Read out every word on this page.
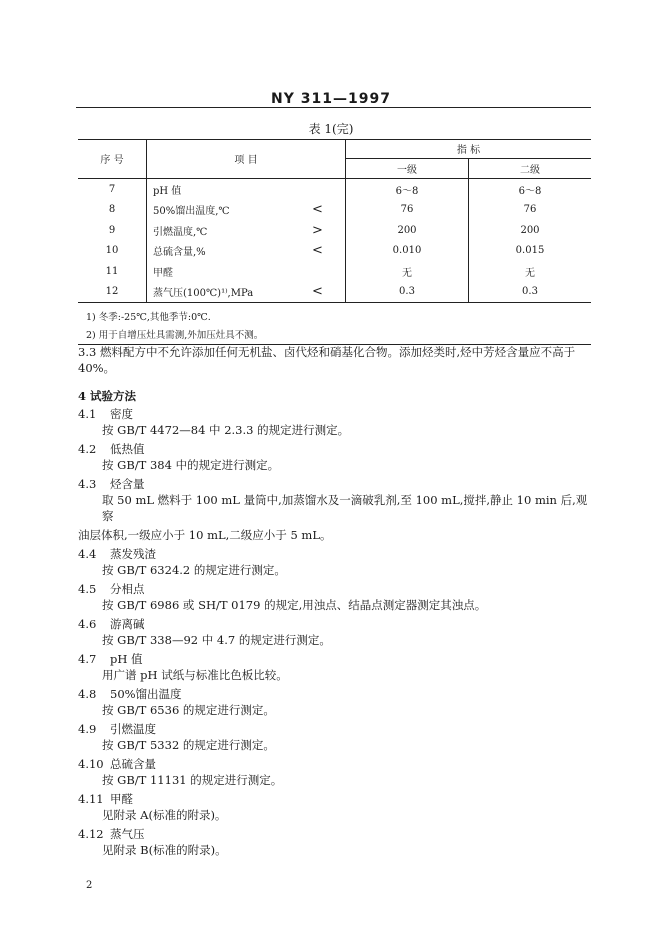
NY 311—1997
表 1(完)
序 号	项 目		指 标	
			一级	二级
7	pH 值		6～8	6～8
8	50%馏出温度,℃	<	76	76
9	引燃温度,℃	>	200	200
10	总硫含量,%	<	0.010	0.015
11	甲醛		无	无
12	蒸气压(100℃)¹⁾,MPa	<	0.3	0.3
1) 冬季:-25℃,其他季节:0℃.				
2) 用于自增压灶具需测,外加压灶具不测。				

3.3 燃料配方中不允许添加任何无机盐、卤代烃和硝基化合物。添加烃类时,烃中芳烃含量应不高于

40%。

4 试验方法

4.1 密度

按 GB/T 4472—84 中 2.3.3 的规定进行测定。

4.2 低热值

按 GB/T 384 中的规定进行测定。

4.3 烃含量

取 50 mL 燃料于 100 mL 量筒中,加蒸馏水及一滴破乳剂,至 100 mL,搅拌,静止 10 min 后,观察

油层体积,一级应小于 10 mL,二级应小于 5 mL。

4.4 蒸发残渣

按 GB/T 6324.2 的规定进行测定。

4.5 分相点

按 GB/T 6986 或 SH/T 0179 的规定,用浊点、结晶点测定器测定其浊点。

4.6 游离碱

按 GB/T 338—92 中 4.7 的规定进行测定。

4.7 pH 值

用广谱 pH 试纸与标准比色板比较。

4.8 50%馏出温度

按 GB/T 6536 的规定进行测定。

4.9 引燃温度

按 GB/T 5332 的规定进行测定。

4.10 总硫含量

按 GB/T 11131 的规定进行测定。

4.11 甲醛

见附录 A(标准的附录)。

4.12 蒸气压

见附录 B(标准的附录)。

2
